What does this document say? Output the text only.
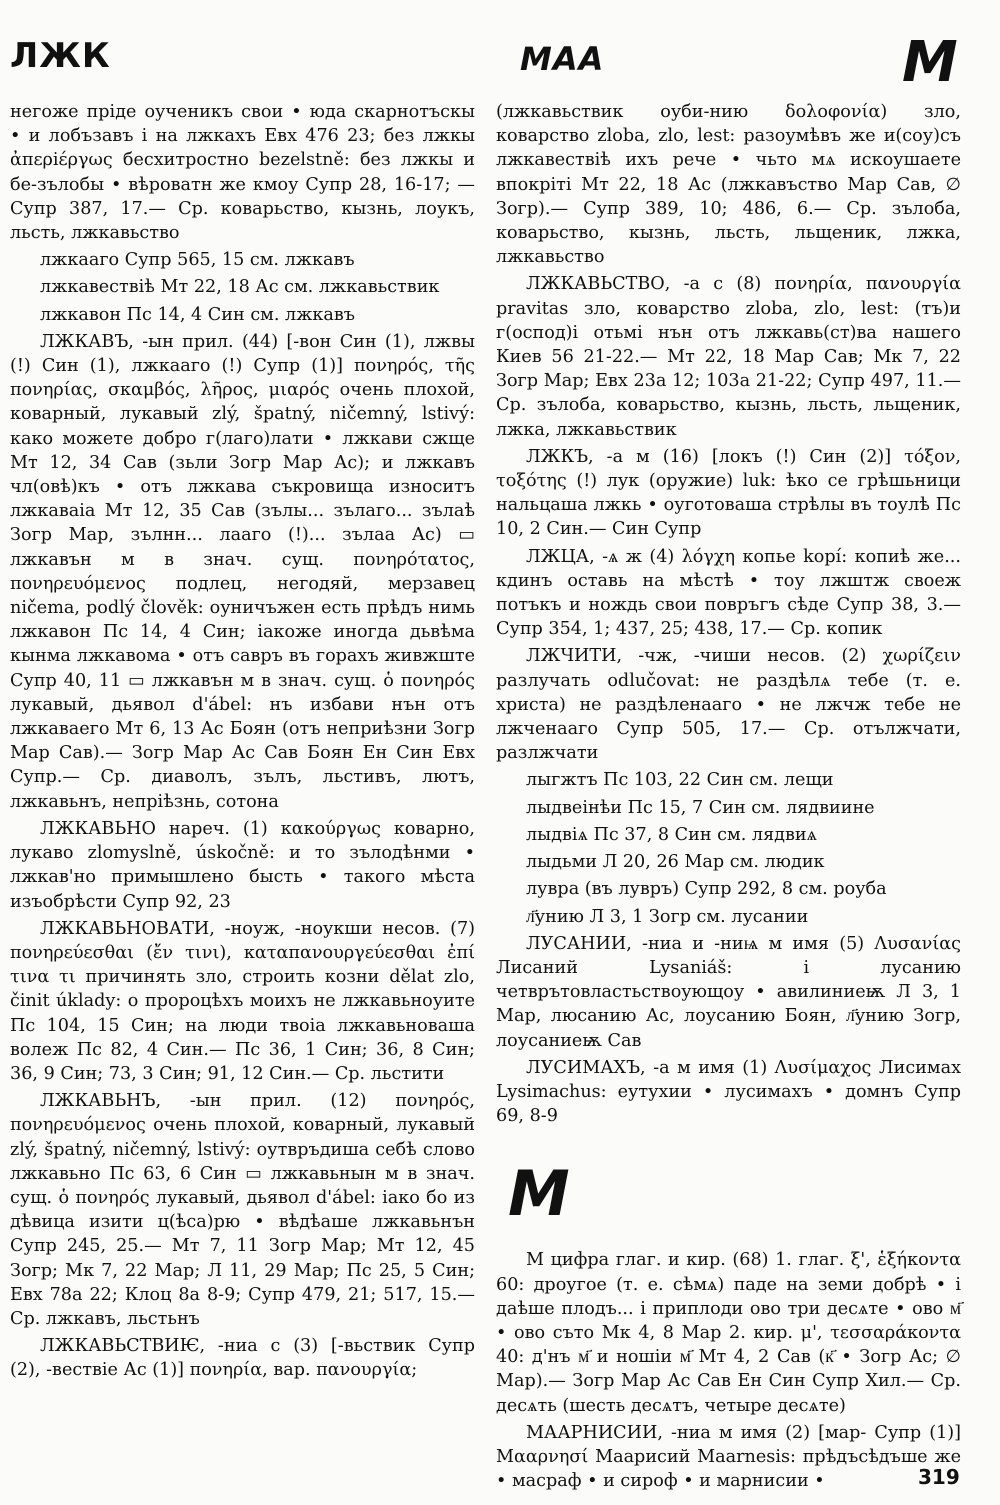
ЛЖК	МАА	М
негоже прiде оученикъ свои • юда скарнотъскы • и лобъзавъ i на лжкахъ Евх 476 23; без лжкы ἀπερiέργως бесхитростно bezelstně: без лжкы и бе-зълобы • вѣроватн же кмоу Супр 28, 16-17; — Супр 387, 17.— Ср. коварьство, кызнь, лоукъ, льсть, лжкавьство
лжкааго Супр 565, 15 см. лжкавъ
лжкавествiѣ Мт 22, 18 Ас см. лжкавьствик
лжкавон Пс 14, 4 Син см. лжкавъ
ЛЖКАВЪ, -ын прил. (44) [-вон Син (1), лжвы (!) Син (1), лжкааго (!) Супр (1)] πονηρός, τῆς πονηρίας, σκαμβός, λῆρος, μιαρός очень плохой, коварный, лукавый zlý, špatný, ničemný, lstivý: како можете добро г(лаго)лати • лжкави сжще Мт 12, 34 Сав (зьли Зогр Мар Ас); и лжкавъ чл(овѣ)къ • отъ лжкава съкровища износитъ лжкаваiа Мт 12, 35 Сав (зълы... зълаго... зълаѣ Зогр Мар, зълнн... лааго (!)... зълаа Ас) ▭ лжкавън м в знач. сущ. πονηρότατος, πονηρευόμενος подлец, негодяй, мерзавец ničema, podlý člověk: оуничъжен есть прѣдъ нимь лжкавон Пс 14, 4 Син; iакоже иногда дьвѣма кынма лжкавома • отъ савръ въ горахъ живжште Супр 40, 11 ▭ лжкавън м в знач. сущ. ὁ πονηρός лукавый, дьявол d'ábel: нъ избави нън отъ лжкаваего Мт 6, 13 Ас Боян (отъ неприѣзни Зогр Мар Сав).— Зогр Мар Ас Сав Боян Ен Син Евх Супр.— Ср. диаволъ, зълъ, льстивъ, лютъ, лжкавьнъ, непрiѣзнь, сотона
ЛЖКАВЬНО нареч. (1) κακούργως коварно, лукаво zlomyslně, úskočně: и то зълодѣнми • лжкав'но примышлено бысть • такого мѣста изъобрѣсти Супр 92, 23
ЛЖКАВЬНОВАТИ, -ноуж, -ноукши несов. (7) πονηρεύεσθαι (ἔν τινι), καταπανουργεύεσθαι ἐπί τινα τι причинять зло, строить козни dělat zlo, činit úklady: о пророцѣхъ моихъ не лжкавьноуите Пс 104, 15 Син; на люди твоiа лжкавьноваша волеж Пс 82, 4 Син.— Пс 36, 1 Син; 36, 8 Син; 36, 9 Син; 73, 3 Син; 91, 12 Син.— Ср. льстити
ЛЖКАВЬНЪ, -ын прил. (12) πονηρός, πονηρευόμενος очень плохой, коварный, лукавый zlý, špatný, ničemný, lstivý: оутвръдиша себѣ слово лжкавьно Пс 63, 6 Син ▭ лжкавьнын м в знач. сущ. ὁ πονηρός лукавый, дьявол d'ábel: iако бо из дѣвица изити ц(ѣса)рю • вѣдѣаше лжкавьнън Супр 245, 25.— Мт 7, 11 Зогр Мар; Мт 12, 45 Зогр; Мк 7, 22 Мар; Л 11, 29 Мар; Пс 25, 5 Син; Евх 78а 22; Клоц 8а 8-9; Супр 479, 21; 517, 15.— Ср. лжкавъ, льстьнъ
ЛЖКАВЬСТВИѤ, -ниа с (3) [-вьствик Супр (2), -вествiе Ас (1)] πονηρία, вар. πανουργία;
(лжкавьствик оуби-нию δολοφονία) зло, коварство zloba, zlo, lest: разоумѣвъ же и(соу)съ лжкавествiѣ ихъ рече • чьто мѧ искоушаете впокрiтi Мт 22, 18 Ас (лжкавъство Мар Сав, ∅ Зогр).— Супр 389, 10; 486, 6.— Ср. зълоба, коварьство, кызнь, льсть, льщеник, лжка, лжкавьство
ЛЖКАВЬСТВО, -а с (8) πονηρία, πανουργία pravitas зло, коварство zloba, zlo, lest: (тъ)и г(оспод)i отьмi нън отъ лжкавь(ст)ва нашего Киев 56 21-22.— Мт 22, 18 Мар Сав; Мк 7, 22 Зогр Мар; Евх 23а 12; 103а 21-22; Супр 497, 11.— Ср. зълоба, коварьство, кызнь, льсть, льщеник, лжка, лжкавьствик
ЛЖКЪ, -а м (16) [локъ (!) Син (2)] τόξον, τοξότης (!) лук (оружие) luk: ѣко се грѣшьници нальцаша лжкь • оуготоваша стрѣлы въ тоулѣ Пс 10, 2 Син.— Син Супр
ЛЖЦА, -ѧ ж (4) λόγχη копье kopí: копиѣ же... кдинъ оставь на мѣстѣ • тоу лжштж своеж потъкъ и нождь свои повръгъ сѣде Супр 38, 3.— Супр 354, 1; 437, 25; 438, 17.— Ср. копик
ЛЖЧИТИ, -чж, -чиши несов. (2) χωρίζειν разлучать odlučovat: не раздѣлѧ тебе (т. е. христа) не раздѣленааго • не лжчж тебе не лжченааго Супр 505, 17.— Ср. отължчати, разлжчати
лыгжтъ Пс 103, 22 Син см. лещи
лыдвеiнѣи Пс 15, 7 Син см. лядвиине
лыдвiѧ Пс 37, 8 Син см. лядвиѧ
лыдьми Л 20, 26 Мар см. людик
лувра (въ лувръ) Супр 292, 8 см. роуба
л҃унию Л 3, 1 Зогр см. лусании
ЛУСАНИИ, -ниа и -ниѩ м имя (5) Λυσανίας Лисаний Lysaniáš: i лусанию четврътовластьствоующоу • авилиниеѭ Л 3, 1 Мар, люсанию Ас, лоусанию Боян, л҃унию Зогр, лоусаниеѭ Сав
ЛУСИМАХЪ, -а м имя (1) Λυσίμαχος Лисимах Lysimachus: еутухии • лусимахъ • домнъ Супр 69, 8-9
М
М цифра глаг. и кир. (68) 1. глаг. ξ', ἑξήκοντα 60: дроугое (т. е. сѣмѧ) паде на земи добрѣ • i даѣше плодъ... i приплоди ово три десѧте • ово м҃ • ово съто Мк 4, 8 Мар 2. кир. μ', τεσσαράκοντα 40: д'нъ м҃ и ношiи м҃ Мт 4, 2 Сав (к҃ • Зогр Ас; ∅ Мар).— Зогр Мар Ас Сав Ен Син Супр Хил.— Ср. десѧть (шесть десѧтъ, четыре десѧте)
МААРНИСИИ, -ниа м имя (2) [мар- Супр (1)] Μααρνησί Маарисий Maarnesis: прѣдъсѣдъше же • масраф • и сироф • и марнисии •	319
